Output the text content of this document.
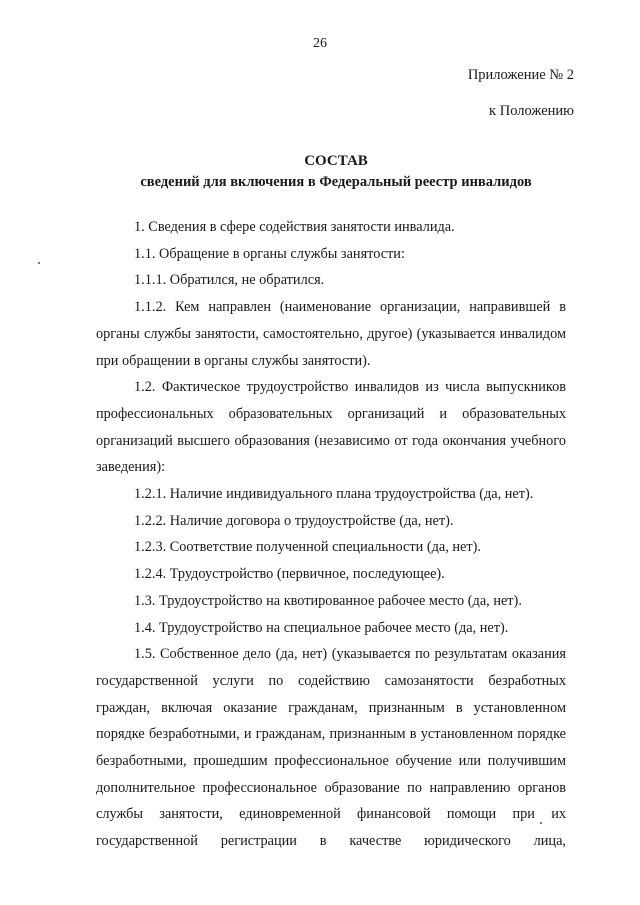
26
Приложение № 2
к Положению
СОСТАВ
сведений для включения в Федеральный реестр инвалидов

1. Сведения в сфере содействия занятости инвалида.

1.1. Обращение в органы службы занятости:

1.1.1. Обратился, не обратился.

1.1.2. Кем направлен (наименование организации, направившей в органы службы занятости, самостоятельно, другое) (указывается инвалидом при обращении в органы службы занятости).

1.2. Фактическое трудоустройство инвалидов из числа выпускников профессиональных образовательных организаций и образовательных организаций высшего образования (независимо от года окончания учебного заведения):

1.2.1. Наличие индивидуального плана трудоустройства (да, нет).

1.2.2. Наличие договора о трудоустройстве (да, нет).

1.2.3. Соответствие полученной специальности (да, нет).

1.2.4. Трудоустройство (первичное, последующее).

1.3. Трудоустройство на квотированное рабочее место (да, нет).

1.4. Трудоустройство на специальное рабочее место (да, нет).

1.5. Собственное дело (да, нет) (указывается по результатам оказания государственной услуги по содействию самозанятости безработных граждан, включая оказание гражданам, признанным в установленном порядке безработными, и гражданам, признанным в установленном порядке безработными, прошедшим профессиональное обучение или получившим дополнительное профессиональное образование по направлению органов службы занятости, единовременной финансовой помощи при их государственной регистрации в качестве юридического лица,
